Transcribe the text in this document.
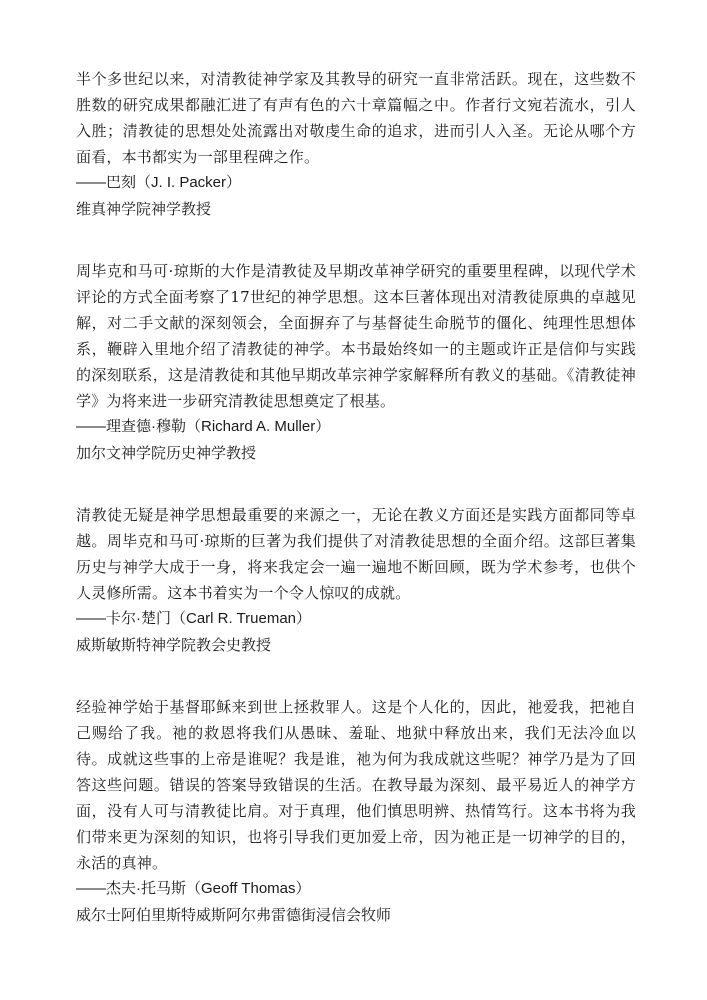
半个多世纪以来，对清教徒神学家及其教导的研究一直非常活跃。现在，这些数不胜数的研究成果都融汇进了有声有色的六十章篇幅之中。作者行文宛若流水，引人入胜；清教徒的思想处处流露出对敬虔生命的追求，进而引人入圣。无论从哪个方面看，本书都实为一部里程碑之作。

——巴刻（J. I. Packer）
维真神学院神学教授

周毕克和马可·琼斯的大作是清教徒及早期改革神学研究的重要里程碑，以现代学术评论的方式全面考察了17世纪的神学思想。这本巨著体现出对清教徒原典的卓越见解，对二手文献的深刻领会，全面摒弃了与基督徒生命脱节的僵化、纯理性思想体系，鞭辟入里地介绍了清教徒的神学。本书最始终如一的主题或许正是信仰与实践的深刻联系，这是清教徒和其他早期改革宗神学家解释所有教义的基础。《清教徒神学》为将来进一步研究清教徒思想奠定了根基。

——理查德·穆勒（Richard A. Muller）
加尔文神学院历史神学教授

清教徒无疑是神学思想最重要的来源之一，无论在教义方面还是实践方面都同等卓越。周毕克和马可·琼斯的巨著为我们提供了对清教徒思想的全面介绍。这部巨著集历史与神学大成于一身，将来我定会一遍一遍地不断回顾，既为学术参考，也供个人灵修所需。这本书着实为一个令人惊叹的成就。

——卡尔·楚门（Carl R. Trueman）
威斯敏斯特神学院教会史教授

经验神学始于基督耶稣来到世上拯救罪人。这是个人化的，因此，祂爱我，把祂自己赐给了我。祂的救恩将我们从愚昧、羞耻、地狱中释放出来，我们无法冷血以待。成就这些事的上帝是谁呢？我是谁，祂为何为我成就这些呢？神学乃是为了回答这些问题。错误的答案导致错误的生活。在教导最为深刻、最平易近人的神学方面，没有人可与清教徒比肩。对于真理，他们慎思明辨、热情笃行。这本书将为我们带来更为深刻的知识，也将引导我们更加爱上帝，因为祂正是一切神学的目的，永活的真神。

——杰夫·托马斯（Geoff Thomas）
威尔士阿伯里斯特威斯阿尔弗雷德街浸信会牧师
